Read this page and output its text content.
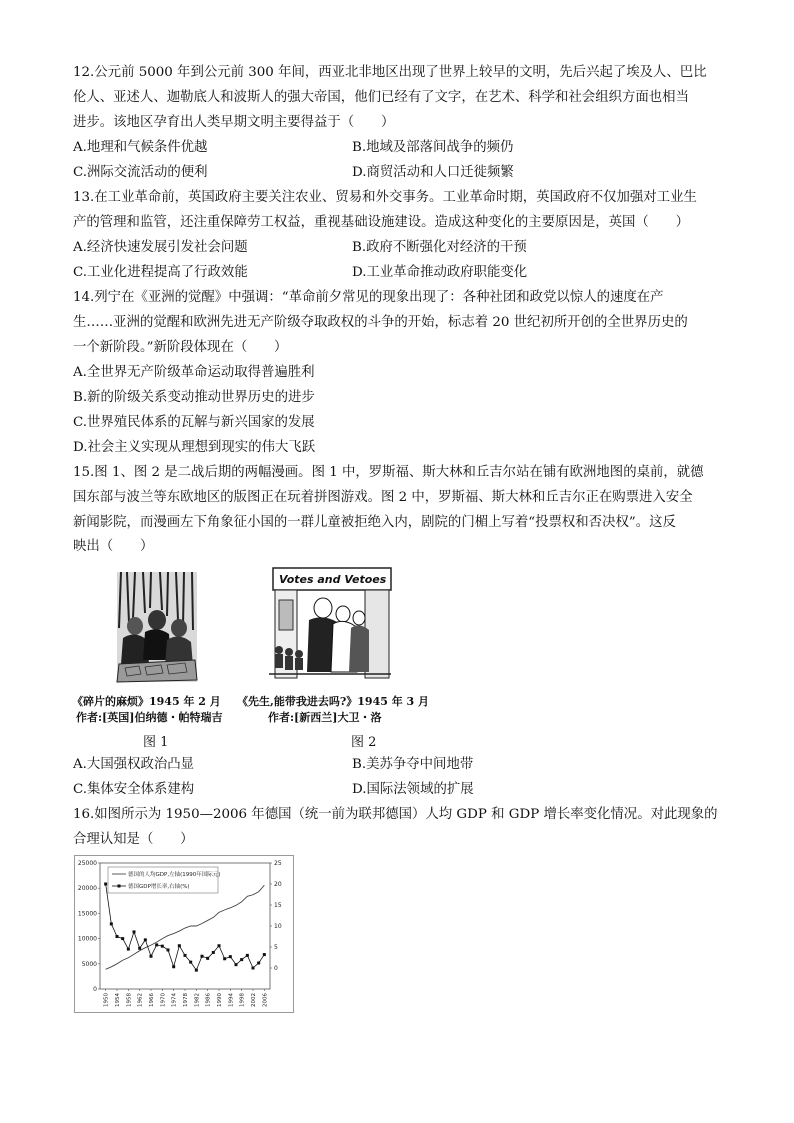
12.公元前 5000 年到公元前 300 年间，西亚北非地区出现了世界上较早的文明，先后兴起了埃及人、巴比
伦人、亚述人、迦勒底人和波斯人的强大帝国，他们已经有了文字，在艺术、科学和社会组织方面也相当
进步。该地区孕育出人类早期文明主要得益于（　　）
A.地理和气候条件优越	B.地域及部落间战争的频仍
C.洲际交流活动的便利	D.商贸活动和人口迁徙频繁
13.在工业革命前，英国政府主要关注农业、贸易和外交事务。工业革命时期，英国政府不仅加强对工业生
产的管理和监管，还注重保障劳工权益，重视基础设施建设。造成这种变化的主要原因是，英国（　　）
A.经济快速发展引发社会问题	B.政府不断强化对经济的干预
C.工业化进程提高了行政效能	D.工业革命推动政府职能变化
14.列宁在《亚洲的觉醒》中强调：“革命前夕常见的现象出现了：各种社团和政党以惊人的速度在产
生……亚洲的觉醒和欧洲先进无产阶级夺取政权的斗争的开始，标志着 20 世纪初所开创的全世界历史的
一个新阶段。”新阶段体现在（　　）
A.全世界无产阶级革命运动取得普遍胜利
B.新的阶级关系变动推动世界历史的进步
C.世界殖民体系的瓦解与新兴国家的发展
D.社会主义实现从理想到现实的伟大飞跃
15.图 1、图 2 是二战后期的两幅漫画。图 1 中，罗斯福、斯大林和丘吉尔站在铺有欧洲地图的桌前，就德
国东部与波兰等东欧地区的版图正在玩着拼图游戏。图 2 中，罗斯福、斯大林和丘吉尔正在购票进入安全
新闻影院，而漫画左下角象征小国的一群儿童被拒绝入内，剧院的门楣上写着“投票权和否决权”。这反
映出（　　）
《碎片的麻烦》1945 年 2 月
作者:[英国]伯纳德・帕特瑞吉
图 1
Votes and Vetoes
《先生,能带我进去吗?》1945 年 3 月
作者:[新西兰]大卫・洛
图 2
A.大国强权政治凸显	B.美苏争夺中间地带
C.集体安全体系建构	D.国际法领域的扩展
16.如图所示为 1950—2006 年德国（统一前为联邦德国）人均 GDP 和 GDP 增长率变化情况。对此现象的
合理认知是（　　）
0
5000
10000
15000
20000
25000
0
5
10
15
20
25
1950 1954 1958 1962 1966 1970 1974 1978 1982 1986 1990 1994 1998 2002 2006
德国的人均GDP,左轴(1990年国际元)
德国GDP增长率,右轴(%)
